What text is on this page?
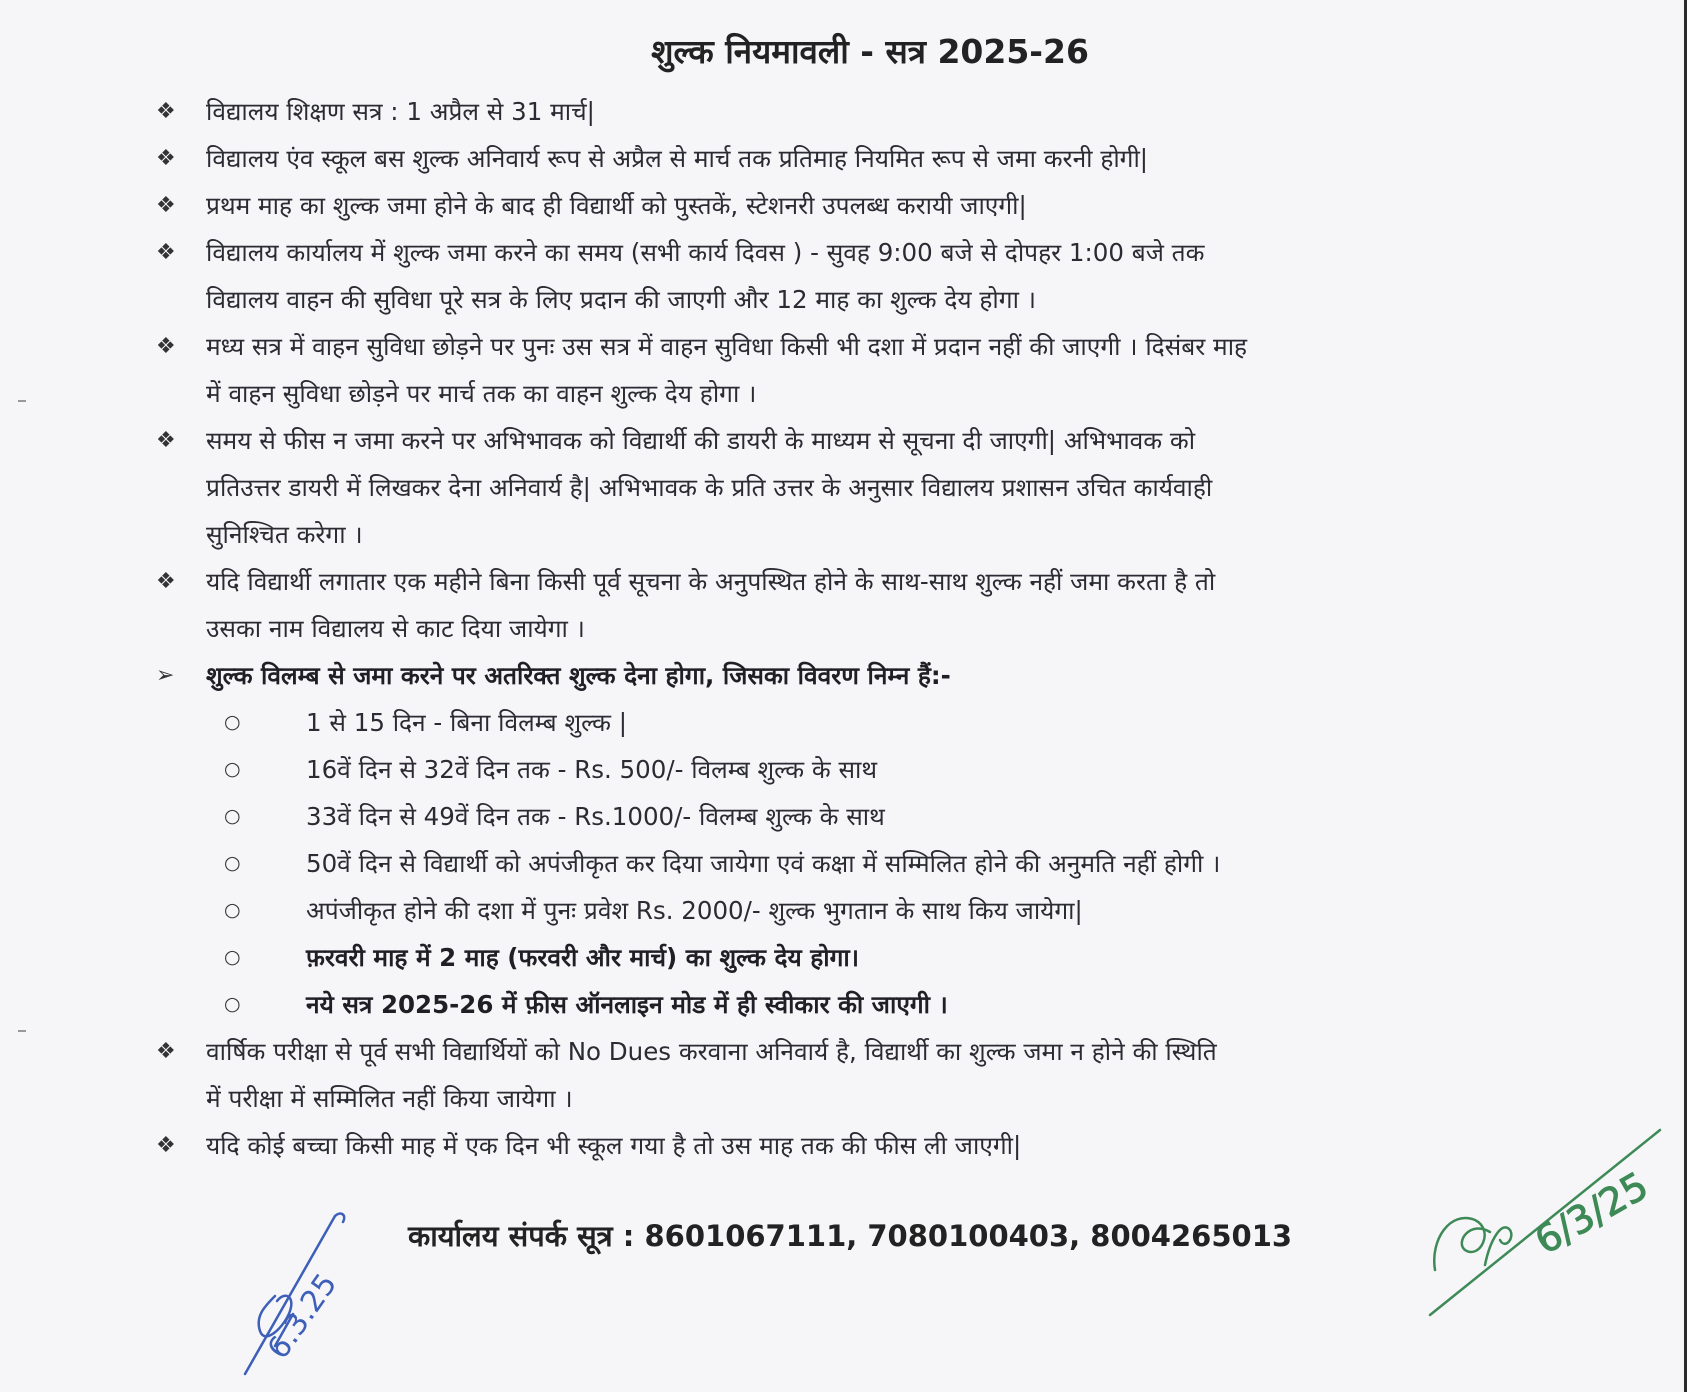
शुल्क नियमावली - सत्र 2025-26
❖ विद्यालय शिक्षण सत्र : 1 अप्रैल से 31 मार्च|
❖ विद्यालय एंव स्कूल बस शुल्क अनिवार्य रूप से अप्रैल से मार्च तक प्रतिमाह नियमित रूप से जमा करनी होगी|
❖ प्रथम माह का शुल्क जमा होने के बाद ही विद्यार्थी को पुस्तकें, स्टेशनरी उपलब्ध करायी जाएगी|
❖ विद्यालय कार्यालय में शुल्क जमा करने का समय (सभी कार्य दिवस ) - सुवह 9:00 बजे से दोपहर 1:00 बजे तक
विद्यालय वाहन की सुविधा पूरे सत्र के लिए प्रदान की जाएगी और 12 माह का शुल्क देय होगा ।
❖ मध्य सत्र में वाहन सुविधा छोड़ने पर पुनः उस सत्र में वाहन सुविधा किसी भी दशा में प्रदान नहीं की जाएगी । दिसंबर माह
में वाहन सुविधा छोड़ने पर मार्च तक का वाहन शुल्क देय होगा ।
❖ समय से फीस न जमा करने पर अभिभावक को विद्यार्थी की डायरी के माध्यम से सूचना दी जाएगी| अभिभावक को
प्रतिउत्तर डायरी में लिखकर देना अनिवार्य है| अभिभावक के प्रति उत्तर के अनुसार विद्यालय प्रशासन उचित कार्यवाही
सुनिश्चित करेगा ।
❖ यदि विद्यार्थी लगातार एक महीने बिना किसी पूर्व सूचना के अनुपस्थित होने के साथ-साथ शुल्क नहीं जमा करता है तो
उसका नाम विद्यालय से काट दिया जायेगा ।
➢ शुल्क विलम्ब से जमा करने पर अतरिक्त शुल्क देना होगा, जिसका विवरण निम्न हैं:-
○	1 से 15 दिन - बिना विलम्ब शुल्क |
○	16वें दिन से 32वें दिन तक - Rs. 500/- विलम्ब शुल्क के साथ
○	33वें दिन से 49वें दिन तक - Rs.1000/- विलम्ब शुल्क के साथ
○	50वें दिन से विद्यार्थी को अपंजीकृत कर दिया जायेगा एवं कक्षा में सम्मिलित होने की अनुमति नहीं होगी ।
○	अपंजीकृत होने की दशा में पुनः प्रवेश Rs. 2000/- शुल्क भुगतान के साथ किय जायेगा|
○	फ़रवरी माह में 2 माह (फरवरी और मार्च) का शुल्क देय होगा।
○	नये सत्र 2025-26 में फ़ीस ऑनलाइन मोड में ही स्वीकार की जाएगी ।
❖ वार्षिक परीक्षा से पूर्व सभी विद्यार्थियों को No Dues करवाना अनिवार्य है, विद्यार्थी का शुल्क जमा न होने की स्थिति
में परीक्षा में सम्मिलित नहीं किया जायेगा ।
❖ यदि कोई बच्चा किसी माह में एक दिन भी स्कूल गया है तो उस माह तक की फीस ली जाएगी|
कार्यालय संपर्क सूत्र : 8601067111, 7080100403, 8004265013
6.3.25
6/3/25
